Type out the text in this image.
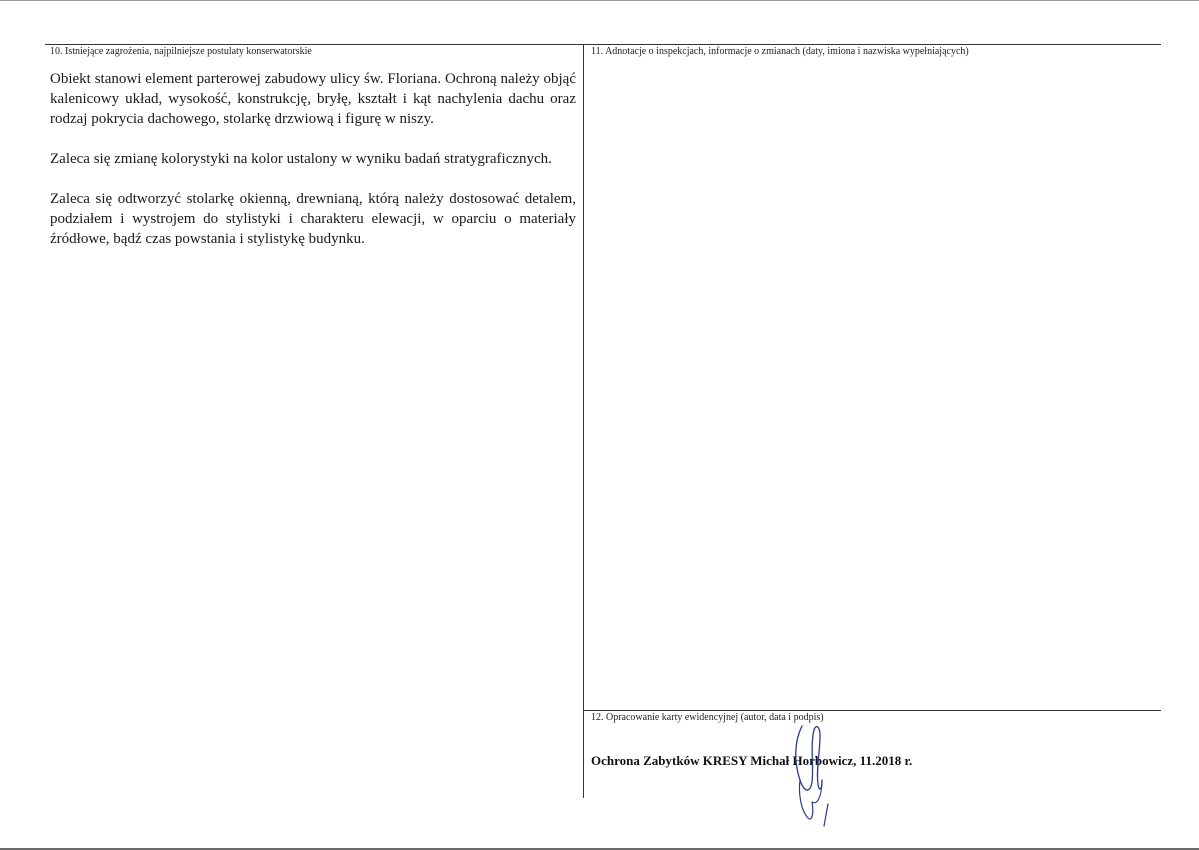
10. Istniejące zagrożenia, najpilniejsze postulaty konserwatorskie

Obiekt stanowi element parterowej zabudowy ulicy św. Floriana. Ochroną należy objąć kalenicowy układ, wysokość, konstrukcję, bryłę, kształt i kąt nachylenia dachu oraz rodzaj pokrycia dachowego, stolarkę drzwiową i figurę w niszy.

Zaleca się zmianę kolorystyki na kolor ustalony w wyniku badań stratygraficznych.

Zaleca się odtworzyć stolarkę okienną, drewnianą, którą należy dostosować detalem, podziałem i wystrojem do stylistyki i charakteru elewacji, w oparciu o materiały źródłowe, bądź czas powstania i stylistykę budynku.

11. Adnotacje o inspekcjach, informacje o zmianach (daty, imiona i nazwiska wypełniających)
12. Opracowanie karty ewidencyjnej (autor, data i podpis)
Ochrona Zabytków KRESY Michał Horbowicz, 11.2018 r.
